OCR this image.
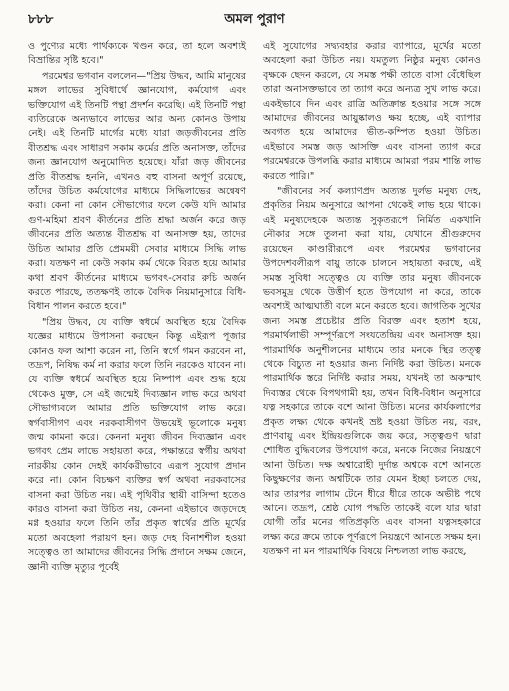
৮৮৮	অমল পুরাণ

ও পুণ্যের মধ্যে পার্থক্যকে খণ্ডন করে, তা হলে অবশ্যই বিভ্রান্তির সৃষ্টি হবে।"

পরমেশ্বর ভগবান বললেন—"প্রিয় উদ্ধব, আমি মানুষের মঙ্গল লাভের সুবিধার্থে জ্ঞানযোগ, কর্মযোগ এবং ভক্তিযোগ এই তিনটি পন্থা প্রদর্শন করেছি। এই তিনটি পন্থা ব্যতিরেকে অন্যভাবে লাভের আর অন্য কোনও উপায় নেই। এই তিনটি মার্গের মধ্যে যারা জড়জীবনের প্রতি বীতশ্রদ্ধ এবং সাধারণ সকাম কর্মের প্রতি অনাসক্ত, তাঁদের জন্য জ্ঞানযোগ অনুমোদিত হয়েছে। যাঁরা জড় জীবনের প্রতি বীতশ্রদ্ধ হননি, এখনও বহু বাসনা অপূর্ণ রয়েছে, তাঁদের উচিত কর্মযোগের মাধ্যমে সিদ্ধিলাভের অন্বেষণ করা। কেনা না কোন সৌভাগ্যের ফলে কেউ যদি আমার গুণ-মহিমা শ্রবণ কীর্তনের প্রতি শ্রদ্ধা অর্জন করে জড় জীবনের প্রতি অত্যন্ত বীতশ্রদ্ধ বা অনাসক্ত হয়, তাদের উচিত আমার প্রতি প্রেমময়ী সেবার মাধ্যমে সিদ্ধি লাভ করা। যতক্ষণ না কেউ সকাম কর্ম থেকে বিরত হয়ে আমার কথা শ্রবণ কীর্তনের মাধ্যমে ভগবৎ-সেবার রুচি অর্জন করতে পারছে, ততক্ষণই তাকে বৈদিক নিয়মানুসারে বিধি-বিধান পালন করতে হবে।"

"প্রিয় উদ্ধব, যে ব্যক্তি স্বধর্মে অবস্থিত হয়ে বৈদিক যজ্ঞের মাধ্যমে উপাসনা করছেন কিন্তু এইরূপ পূজার কোনও ফল আশা করেন না, তিনি স্বর্গে গমন করবেন না, তদ্রূপ, নিষিদ্ধ কর্ম না করার ফলে তিনি নরকেও যাবেন না। যে ব্যক্তি স্বধর্মে অবস্থিত হয়ে নিষ্পাপ এবং শুদ্ধ হয়ে থেকেও মুক্ত, সে এই জন্মেই দিব্যজ্ঞান লাভ করে অথবা সৌভাগ্যবলে আমার প্রতি ভক্তিযোগ লাভ করে। স্বর্গবাসীগণ এবং নরকবাসীগণ উভয়েই ভূলোকে মনুষ্য জন্ম কামনা করে। কেননা মনুষ্য জীবন দিব্যজ্ঞান এবং ভগবৎ প্রেম লাভে সহায়তা করে, পক্ষান্তরে স্বর্গীয় অথবা নারকীয় কোন দেহই কার্যকরীভাবে এরূপ সুযোগ প্রদান করে না। কোন বিচক্ষণ ব্যক্তির স্বর্গ অথবা নরকবাসের বাসনা করা উচিত নয়। এই পৃথিবীর স্থায়ী বাসিন্দা হতেও কারও বাসনা করা উচিত নয়, কেননা এইভাবে জড়দেহে মগ্ন হওয়ার ফলে তিনি তাঁর প্রকৃত স্বার্থের প্রতি মূর্খের মতো অবহেলা পরায়ণ হন। জড় দেহ বিনাশশীল হওয়া সত্ত্বেও তা আমাদের জীবনের সিদ্ধি প্রদানে সক্ষম জেনে, জ্ঞানী ব্যক্তি মৃত্যুর পূর্বেই

এই সুযোগের সদ্ব্যবহার করার ব্যাপারে, মূর্খের মতো অবহেলা করা উচিত নয়। যমতুল্য নিষ্ঠুর মনুষ্য কোনও বৃক্ষকে ছেদন করলে, যে সমস্ত পক্ষী তাতে বাসা বেঁধেছিল তারা অনাসক্তভাবে তা ত্যাগ করে অন্যত্র সুখ লাভ করে। একইভাবে দিন এবং রাত্রি অতিক্রান্ত হওয়ার সঙ্গে সঙ্গে আমাদের জীবনের আয়ুষ্কালও ক্ষয় হচ্ছে, এই ব্যাপার অবগত হয়ে আমাদের ভীত-কম্পিত হওয়া উচিত। এইভাবে সমস্ত জড় আসক্তি এবং বাসনা ত্যাগ করে পরমেশ্বরকে উপলব্ধি করার মাধ্যমে আমরা পরম শান্তি লাভ করতে পারি।"

"জীবনের সর্ব কল্যাণপ্রদ অত্যন্ত দুর্লভ মনুষ্য দেহ, প্রকৃতির নিয়ম অনুসারে আপনা থেকেই লাভ হয়ে থাকে। এই মনুষ্যদেহকে অত্যন্ত সুকৃতরূপে নির্মিত একখানি নৌকার সঙ্গে তুলনা করা যায়, যেখানে শ্রীগুরুদেব রয়েছেন কাণ্ডারীরূপে এবং পরমেশ্বর ভগবানের উপদেশবলীরূপ বায়ু তাকে চালনে সহায়তা করছে, এই সমস্ত সুবিধা সত্ত্বেও যে ব্যক্তি তার মনুষ্য জীবনকে ভবসমুদ্র থেকে উত্তীর্ণ হতে উপযোগ না করে, তাকে অবশ্যই আত্মঘাতী বলে মনে করতে হবে। জাগতিক সুখের জন্য সমস্ত প্রচেষ্টার প্রতি বিরক্ত এবং হতাশ হয়ে, পরমার্থলাভী সম্পূর্ণরূপে সংযতেন্দ্রিয় এবং অনাসক্ত হয়। পারমার্থিক অনুশীলনের মাধ্যমে তার মনকে স্থির তত্ত্ব থেকে বিচ্যুত না হওয়ার জন্য নির্দিষ্ট করা উচিত। মনকে পারমার্থিক স্তরে নির্দিষ্ট করার সময়, যখনই তা অকস্মাৎ দিব্যস্তর থেকে বিপথগামী হয়, তখন বিধি-বিধান অনুসারে যত্ন সহকারে তাকে বশে আনা উচিত। মনের কার্যকলাপের প্রকৃত লক্ষ্য থেকে কখনই ভ্রষ্ট হওয়া উচিত নয়, বরং, প্রাণবায়ু এবং ইন্দ্রিয়গুলিকে জয় করে, সত্ত্বগুণ দ্বারা শোধিত বুদ্ধিবলের উপযোগ করে, মনকে নিজের নিয়ন্ত্রণে আনা উচিত। দক্ষ অশ্বারোহী দুর্দান্ত অশ্বকে বশে আনতে কিছুক্ষণের জন্য অশ্বটিকে তার যেমন ইচ্ছা চলতে দেয়, আর তারপর লাগাম টেনে ধীরে ধীরে তাকে অভীষ্ট পথে আনে। তদ্রূপ, শ্রেষ্ঠ যোগ পদ্ধতি তাকেই বলে যার দ্বারা যোগী তাঁর মনের গতিপ্রকৃতি এবং বাসনা যত্নসহকারে লক্ষ্য করে ক্রমে তাকে পূর্ণরূপে নিয়ন্ত্রণে আনতে সক্ষম হন। যতক্ষণ না মন পারমার্থিক বিষয়ে নিশ্চলতা লাভ করছে,
